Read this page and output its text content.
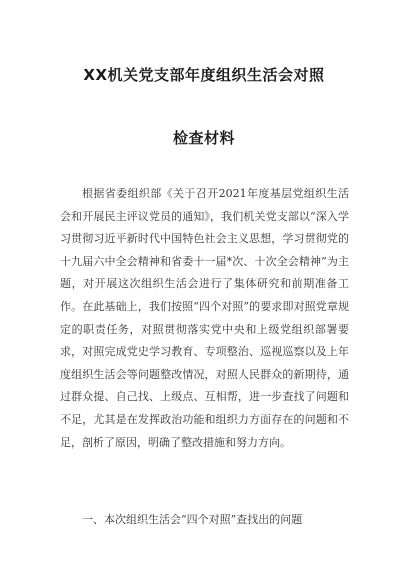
XX机关党支部年度组织生活会对照
检查材料

根据省委组织部《关于召开2021年度基层党组织生活会和开展民主评议党员的通知》，我们机关党支部以“深入学习贯彻习近平新时代中国特色社会主义思想，学习贯彻党的十九届六中全会精神和省委十一届*次、十次全会精神”为主题，对开展这次组织生活会进行了集体研究和前期准备工作。在此基础上，我们按照“四个对照”的要求即对照党章规定的职责任务，对照贯彻落实党中央和上级党组织部署要求，对照完成党史学习教育、专项整治、巡视巡察以及上年度组织生活会等问题整改情况，对照人民群众的新期待，通过群众提、自己找、上级点、互相帮，进一步查找了问题和不足，尤其是在发挥政治功能和组织力方面存在的问题和不足，剖析了原因，明确了整改措施和努力方向。

一、本次组织生活会“四个对照”查找出的问题
